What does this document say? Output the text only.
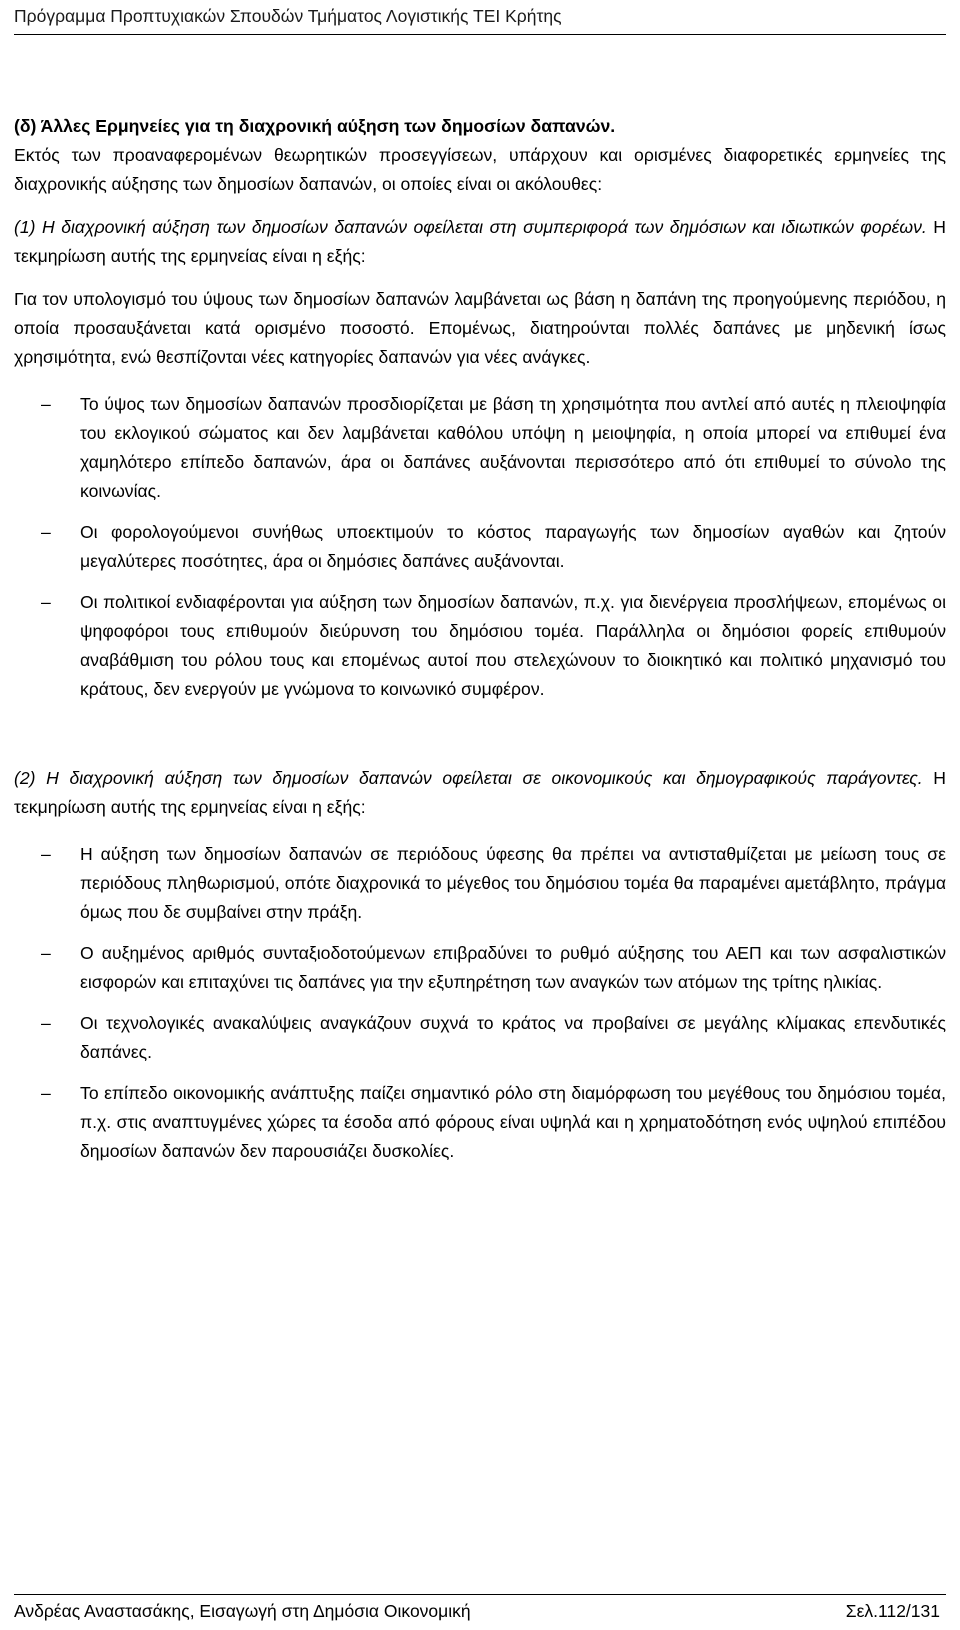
Πρόγραμμα Προπτυχιακών Σπουδών Τμήματος Λογιστικής ΤΕΙ Κρήτης

(δ) Άλλες Ερμηνείες για τη διαχρονική αύξηση των δημοσίων δαπανών.

Εκτός των προαναφερομένων θεωρητικών προσεγγίσεων, υπάρχουν και ορισμένες διαφορετικές ερμηνείες της διαχρονικής αύξησης των δημοσίων δαπανών, οι οποίες είναι οι ακόλουθες:

(1) Η διαχρονική αύξηση των δημοσίων δαπανών οφείλεται στη συμπεριφορά των δημόσιων και ιδιωτικών φορέων. Η τεκμηρίωση αυτής της ερμηνείας είναι η εξής:

Για τον υπολογισμό του ύψους των δημοσίων δαπανών λαμβάνεται ως βάση η δαπάνη της προηγούμενης περιόδου, η οποία προσαυξάνεται κατά ορισμένο ποσοστό. Επομένως, διατηρούνται πολλές δαπάνες με μηδενική ίσως χρησιμότητα, ενώ θεσπίζονται νέες κατηγορίες δαπανών για νέες ανάγκες.

– Το ύψος των δημοσίων δαπανών προσδιορίζεται με βάση τη χρησιμότητα που αντλεί από αυτές η πλειοψηφία του εκλογικού σώματος και δεν λαμβάνεται καθόλου υπόψη η μειοψηφία, η οποία μπορεί να επιθυμεί ένα χαμηλότερο επίπεδο δαπανών, άρα οι δαπάνες αυξάνονται περισσότερο από ότι επιθυμεί το σύνολο της κοινωνίας.
– Οι φορολογούμενοι συνήθως υποεκτιμούν το κόστος παραγωγής των δημοσίων αγαθών και ζητούν μεγαλύτερες ποσότητες, άρα οι δημόσιες δαπάνες αυξάνονται.
– Οι πολιτικοί ενδιαφέρονται για αύξηση των δημοσίων δαπανών, π.χ. για διενέργεια προσλήψεων, επομένως οι ψηφοφόροι τους επιθυμούν διεύρυνση του δημόσιου τομέα. Παράλληλα οι δημόσιοι φορείς επιθυμούν αναβάθμιση του ρόλου τους και επομένως αυτοί που στελεχώνουν το διοικητικό και πολιτικό μηχανισμό του κράτους, δεν ενεργούν με γνώμονα το κοινωνικό συμφέρον.

(2) Η διαχρονική αύξηση των δημοσίων δαπανών οφείλεται σε οικονομικούς και δημογραφικούς παράγοντες. Η τεκμηρίωση αυτής της ερμηνείας είναι η εξής:

– Η αύξηση των δημοσίων δαπανών σε περιόδους ύφεσης θα πρέπει να αντισταθμίζεται με μείωση τους σε περιόδους πληθωρισμού, οπότε διαχρονικά το μέγεθος του δημόσιου τομέα θα παραμένει αμετάβλητο, πράγμα όμως που δε συμβαίνει στην πράξη.
– Ο αυξημένος αριθμός συνταξιοδοτούμενων επιβραδύνει το ρυθμό αύξησης του ΑΕΠ και των ασφαλιστικών εισφορών και επιταχύνει τις δαπάνες για την εξυπηρέτηση των αναγκών των ατόμων της τρίτης ηλικίας.
– Οι τεχνολογικές ανακαλύψεις αναγκάζουν συχνά το κράτος να προβαίνει σε μεγάλης κλίμακας επενδυτικές δαπάνες.
– Το επίπεδο οικονομικής ανάπτυξης παίζει σημαντικό ρόλο στη διαμόρφωση του μεγέθους του δημόσιου τομέα, π.χ. στις αναπτυγμένες χώρες τα έσοδα από φόρους είναι υψηλά και η χρηματοδότηση ενός υψηλού επιπέδου δημοσίων δαπανών δεν παρουσιάζει δυσκολίες.
Ανδρέας Αναστασάκης, Εισαγωγή στη Δημόσια Οικονομική	Σελ.112/131
